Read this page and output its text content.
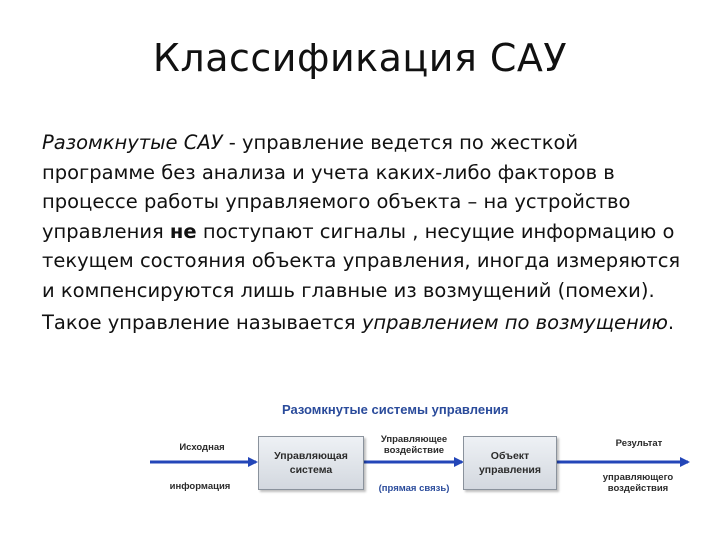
Классификация САУ

Разомкнутые САУ - управление ведется по жесткой программе без анализа и учета каких-либо факторов в процессе работы управляемого объекта – на устройство управления не поступают сигналы , несущие информацию о текущем состояния объекта управления, иногда измеряются и компенсируются лишь главные из возмущений (помехи).

Такое управление называется управлением по возмущению.

Разомкнутые системы управления
Исходная
информация
Управляющая система
Управляющее воздействие
(прямая связь)
Объект управления
Результат
управляющего воздействия
